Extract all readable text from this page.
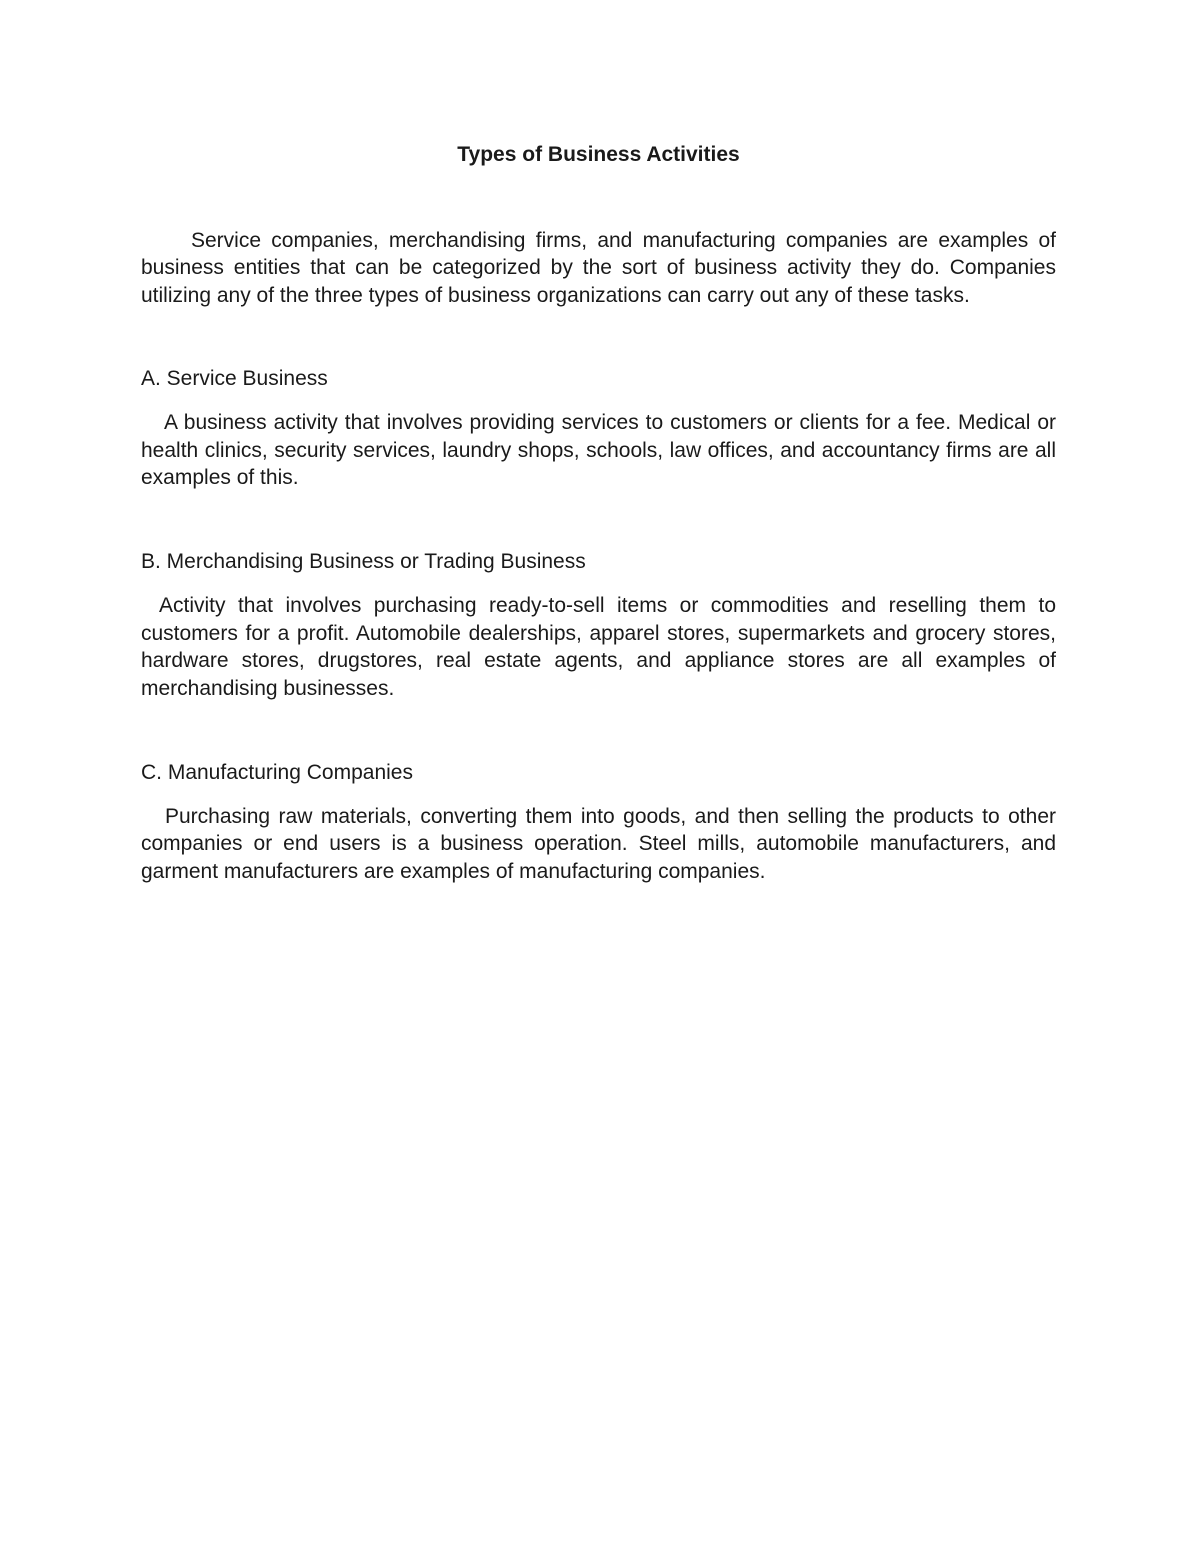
Types of Business Activities

Service companies, merchandising firms, and manufacturing companies are examples of business entities that can be categorized by the sort of business activity they do. Companies utilizing any of the three types of business organizations can carry out any of these tasks.

A. Service Business

A business activity that involves providing services to customers or clients for a fee. Medical or health clinics, security services, laundry shops, schools, law offices, and accountancy firms are all examples of this.

B. Merchandising Business or Trading Business

Activity that involves purchasing ready-to-sell items or commodities and reselling them to customers for a profit. Automobile dealerships, apparel stores, supermarkets and grocery stores, hardware stores, drugstores, real estate agents, and appliance stores are all examples of merchandising businesses.

C. Manufacturing Companies

Purchasing raw materials, converting them into goods, and then selling the products to other companies or end users is a business operation. Steel mills, automobile manufacturers, and garment manufacturers are examples of manufacturing companies.
